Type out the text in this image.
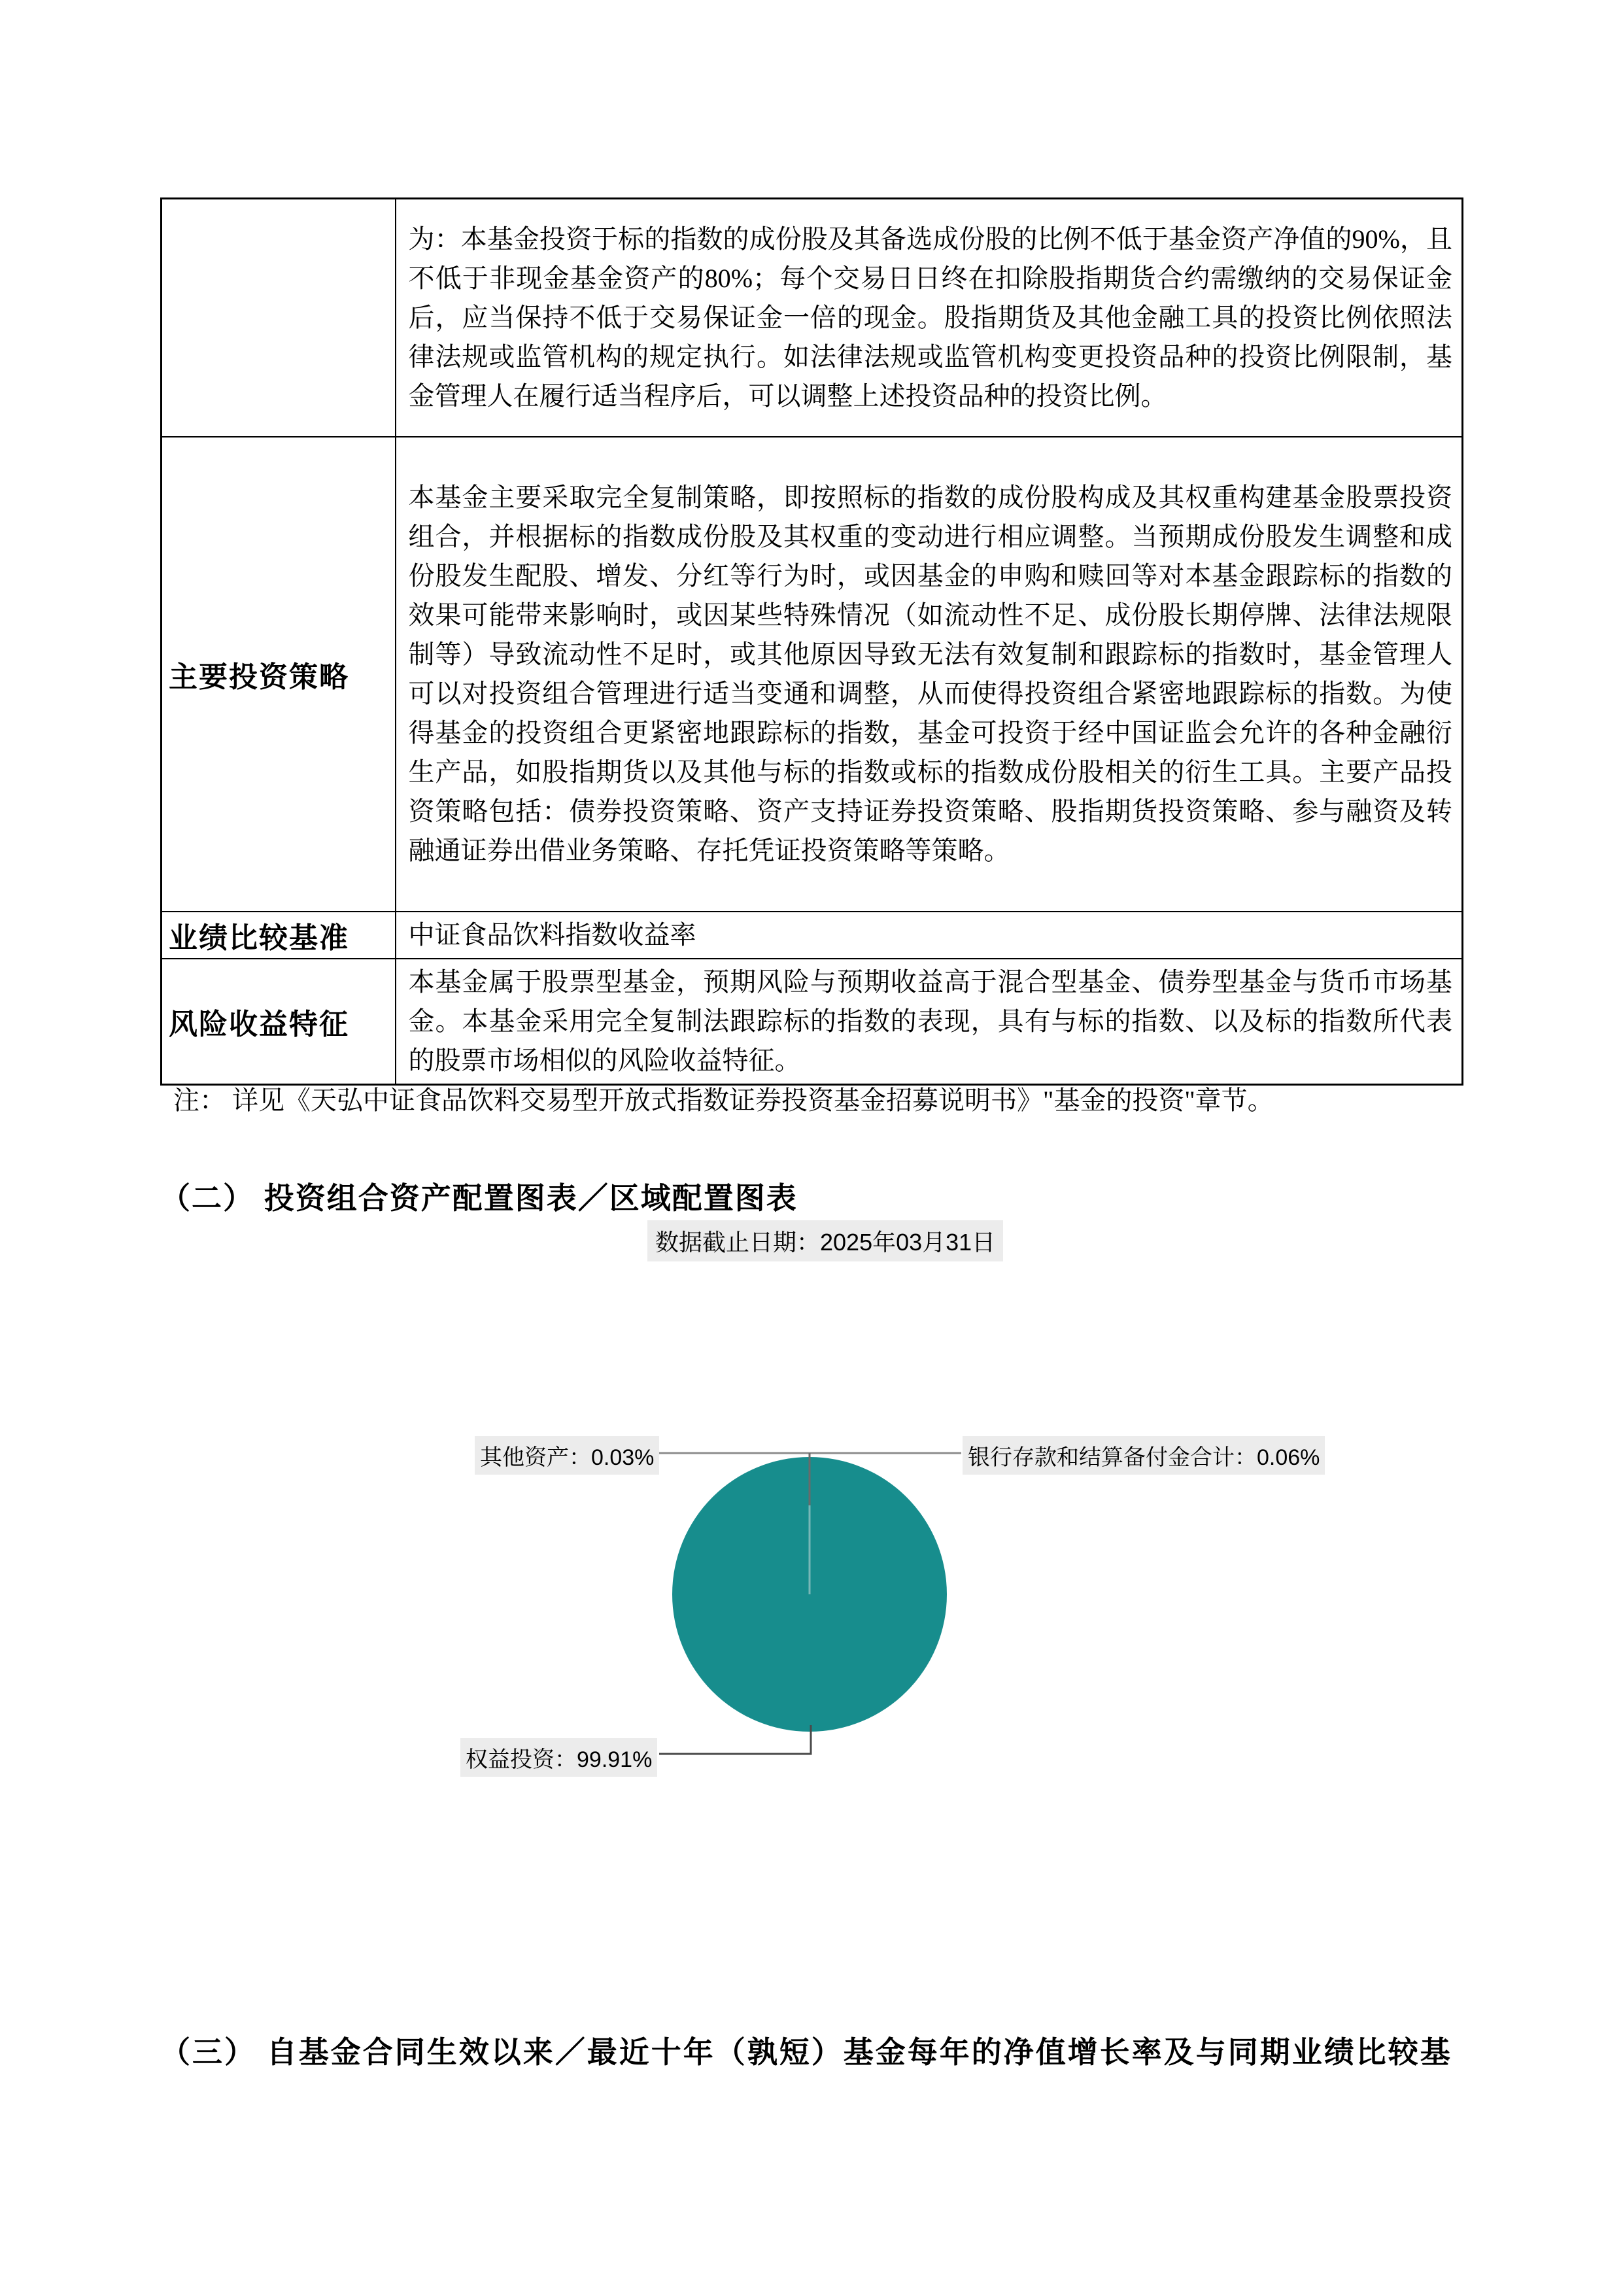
	为：本基金投资于标的指数的成份股及其备选成份股的比例不低于基金资产净值的90%，且不低于非现金基金资产的80%；每个交易日日终在扣除股指期货合约需缴纳的交易保证金后，应当保持不低于交易保证金一倍的现金。股指期货及其他金融工具的投资比例依照法律法规或监管机构的规定执行。如法律法规或监管机构变更投资品种的投资比例限制，基金管理人在履行适当程序后，可以调整上述投资品种的投资比例。
主要投资策略	本基金主要采取完全复制策略，即按照标的指数的成份股构成及其权重构建基金股票投资组合，并根据标的指数成份股及其权重的变动进行相应调整。当预期成份股发生调整和成份股发生配股、增发、分红等行为时，或因基金的申购和赎回等对本基金跟踪标的指数的效果可能带来影响时，或因某些特殊情况（如流动性不足、成份股长期停牌、法律法规限制等）导致流动性不足时，或其他原因导致无法有效复制和跟踪标的指数时，基金管理人可以对投资组合管理进行适当变通和调整，从而使得投资组合紧密地跟踪标的指数。为使得基金的投资组合更紧密地跟踪标的指数，基金可投资于经中国证监会允许的各种金融衍生产品，如股指期货以及其他与标的指数或标的指数成份股相关的衍生工具。主要产品投资策略包括：债券投资策略、资产支持证券投资策略、股指期货投资策略、参与融资及转融通证券出借业务策略、存托凭证投资策略等策略。
业绩比较基准	中证食品饮料指数收益率
风险收益特征	本基金属于股票型基金，预期风险与预期收益高于混合型基金、债券型基金与货币市场基金。本基金采用完全复制法跟踪标的指数的表现，具有与标的指数、以及标的指数所代表的股票市场相似的风险收益特征。
注： 详见《天弘中证食品饮料交易型开放式指数证券投资基金招募说明书》"基金的投资"章节。
（二） 投资组合资产配置图表／区域配置图表
数据截止日期：2025年03月31日
其他资产：0.03%	银行存款和结算备付金合计：0.06%
权益投资：99.91%
（三） 自基金合同生效以来／最近十年（孰短）基金每年的净值增长率及与同期业绩比较基
